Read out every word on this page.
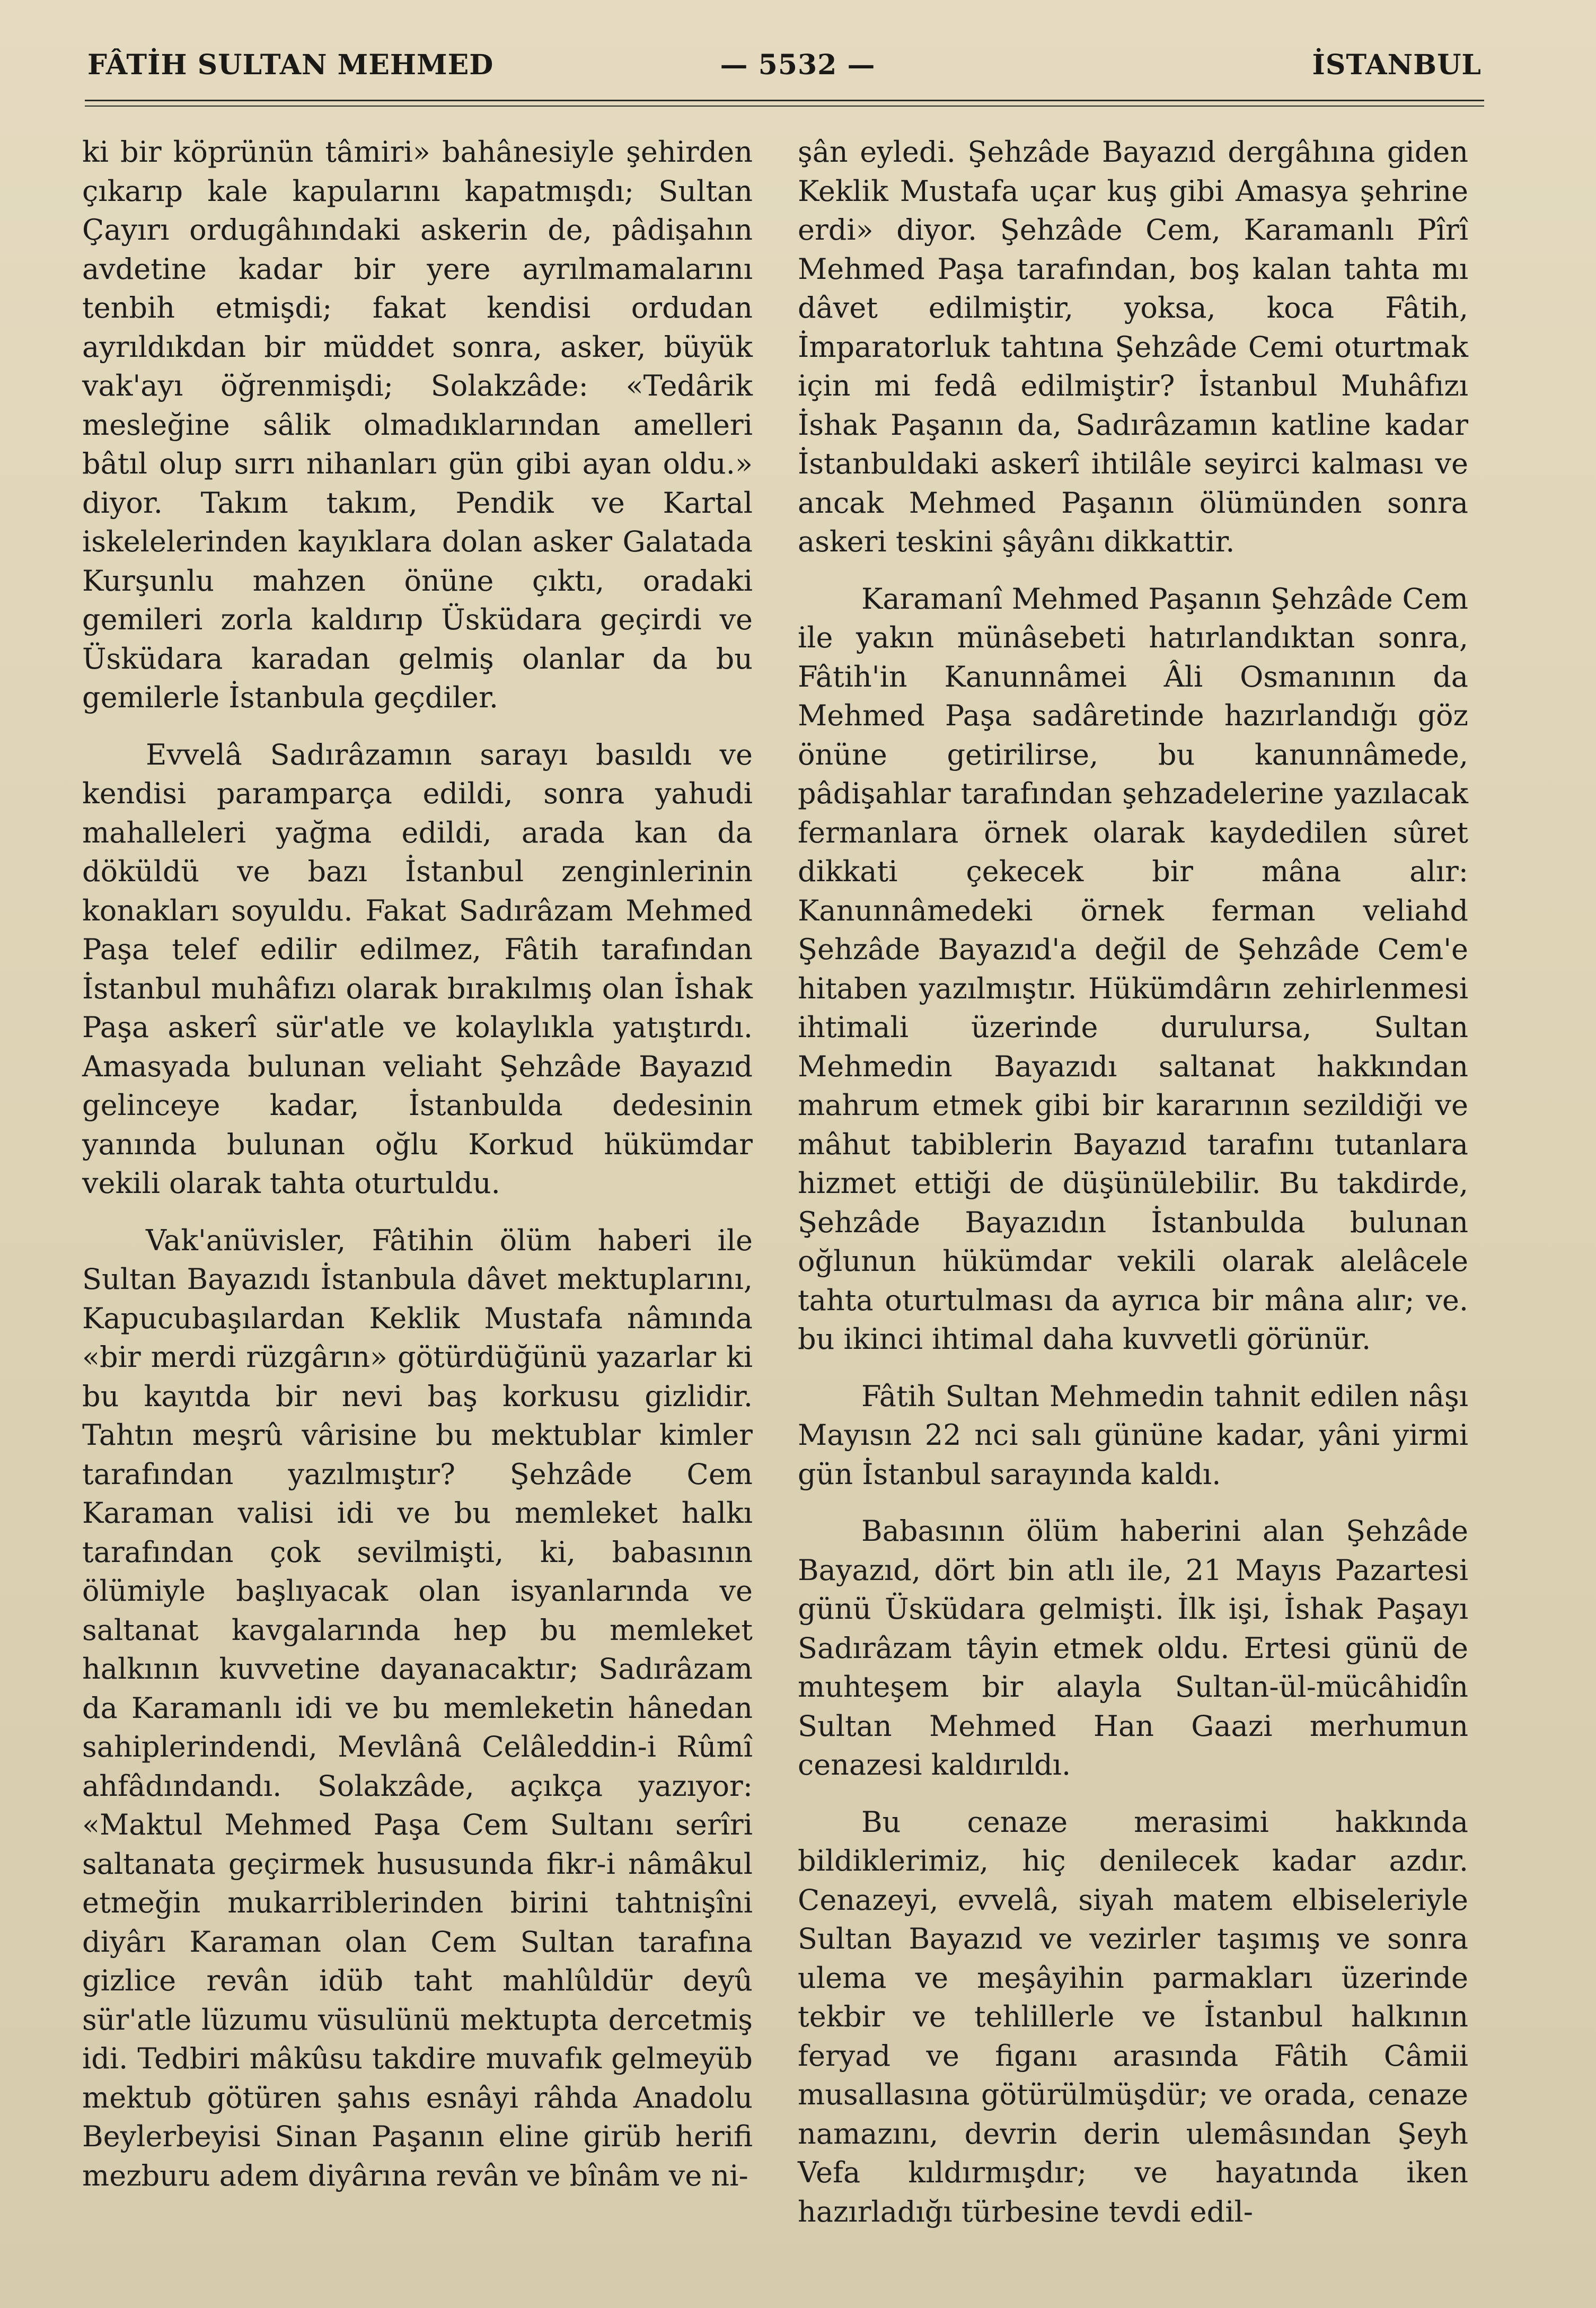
FÂTİH SULTAN MEHMED	— 5532 —	İSTANBUL

ki bir köprünün tâmiri» bahânesiyle şehirden çıkarıp kale kapularını kapatmışdı; Sultan Çayırı ordugâhındaki askerin de, pâdişahın avdetine kadar bir yere ayrılmamalarını tenbih etmişdi; fakat kendisi ordudan ayrıldıkdan bir müddet sonra, asker, büyük vak'ayı öğrenmişdi; Solakzâde: «Tedârik mesleğine sâlik olmadıklarından amelleri bâtıl olup sırrı nihanları gün gibi ayan oldu.» diyor. Takım takım, Pendik ve Kartal iskelelerinden kayıklara dolan asker Galatada Kurşunlu mahzen önüne çıktı, oradaki gemileri zorla kaldırıp Üsküdara geçirdi ve Üsküdara karadan gelmiş olanlar da bu gemilerle İstanbula geçdiler.

Evvelâ Sadırâzamın sarayı basıldı ve kendisi paramparça edildi, sonra yahudi mahalleleri yağma edildi, arada kan da döküldü ve bazı İstanbul zenginlerinin konakları soyuldu. Fakat Sadırâzam Mehmed Paşa telef edilir edilmez, Fâtih tarafından İstanbul muhâfızı olarak bırakılmış olan İshak Paşa askerî sür'atle ve kolaylıkla yatıştırdı. Amasyada bulunan veliaht Şehzâde Bayazıd gelinceye kadar, İstanbulda dedesinin yanında bulunan oğlu Korkud hükümdar vekili olarak tahta oturtuldu.

Vak'anüvisler, Fâtihin ölüm haberi ile Sultan Bayazıdı İstanbula dâvet mektuplarını, Kapucubaşılardan Keklik Mustafa nâmında «bir merdi rüzgârın» götürdüğünü yazarlar ki bu kayıtda bir nevi baş korkusu gizlidir. Tahtın meşrû vârisine bu mektublar kimler tarafından yazılmıştır? Şehzâde Cem Karaman valisi idi ve bu memleket halkı tarafından çok sevilmişti, ki, babasının ölümiyle başlıyacak olan isyanlarında ve saltanat kavgalarında hep bu memleket halkının kuvvetine dayanacaktır; Sadırâzam da Karamanlı idi ve bu memleketin hânedan sahiplerindendi, Mevlânâ Celâleddin-i Rûmî ahfâdındandı. Solakzâde, açıkça yazıyor: «Maktul Mehmed Paşa Cem Sultanı serîri saltanata geçirmek hususunda fikr-i nâmâkul etmeğin mukarriblerinden birini tahtnişîni diyârı Karaman olan Cem Sultan tarafına gizlice revân idüb taht mahlûldür deyû sür'atle lüzumu vüsulünü mektupta dercetmiş idi. Tedbiri mâkûsu takdire muvafık gelmeyüb mektub götüren şahıs esnâyi râhda Anadolu Beylerbeyisi Sinan Paşanın eline girüb herifi mezburu adem diyârına revân ve bînâm ve ni-

şân eyledi. Şehzâde Bayazıd dergâhına giden Keklik Mustafa uçar kuş gibi Amasya şehrine erdi» diyor. Şehzâde Cem, Karamanlı Pîrî Mehmed Paşa tarafından, boş kalan tahta mı dâvet edilmiştir, yoksa, koca Fâtih, İmparatorluk tahtına Şehzâde Cemi oturtmak için mi fedâ edilmiştir? İstanbul Muhâfızı İshak Paşanın da, Sadırâzamın katline kadar İstanbuldaki askerî ihtilâle seyirci kalması ve ancak Mehmed Paşanın ölümünden sonra askeri teskini şâyânı dikkattir.

Karamanî Mehmed Paşanın Şehzâde Cem ile yakın münâsebeti hatırlandıktan sonra, Fâtih'in Kanunnâmei Âli Osmanının da Mehmed Paşa sadâretinde hazırlandığı göz önüne getirilirse, bu kanunnâmede, pâdişahlar tarafından şehzadelerine yazılacak fermanlara örnek olarak kaydedilen sûret dikkati çekecek bir mâna alır: Kanunnâmedeki örnek ferman veliahd Şehzâde Bayazıd'a değil de Şehzâde Cem'e hitaben yazılmıştır. Hükümdârın zehirlenmesi ihtimali üzerinde durulursa, Sultan Mehmedin Bayazıdı saltanat hakkından mahrum etmek gibi bir kararının sezildiği ve mâhut tabiblerin Bayazıd tarafını tutanlara hizmet ettiği de düşünülebilir. Bu takdirde, Şehzâde Bayazıdın İstanbulda bulunan oğlunun hükümdar vekili olarak alelâcele tahta oturtulması da ayrıca bir mâna alır; ve. bu ikinci ihtimal daha kuvvetli görünür.

Fâtih Sultan Mehmedin tahnit edilen nâşı Mayısın 22 nci salı gününe kadar, yâni yirmi gün İstanbul sarayında kaldı.

Babasının ölüm haberini alan Şehzâde Bayazıd, dört bin atlı ile, 21 Mayıs Pazartesi günü Üsküdara gelmişti. İlk işi, İshak Paşayı Sadırâzam tâyin etmek oldu. Ertesi günü de muhteşem bir alayla Sultan-ül-mücâhidîn Sultan Mehmed Han Gaazi merhumun cenazesi kaldırıldı.

Bu cenaze merasimi hakkında bildiklerimiz, hiç denilecek kadar azdır. Cenazeyi, evvelâ, siyah matem elbiseleriyle Sultan Bayazıd ve vezirler taşımış ve sonra ulema ve meşâyihin parmakları üzerinde tekbir ve tehlillerle ve İstanbul halkının feryad ve figanı arasında Fâtih Câmii musallasına götürülmüşdür; ve orada, cenaze namazını, devrin derin ulemâsından Şeyh Vefa kıldırmışdır; ve hayatında iken hazırladığı türbesine tevdi edil-
